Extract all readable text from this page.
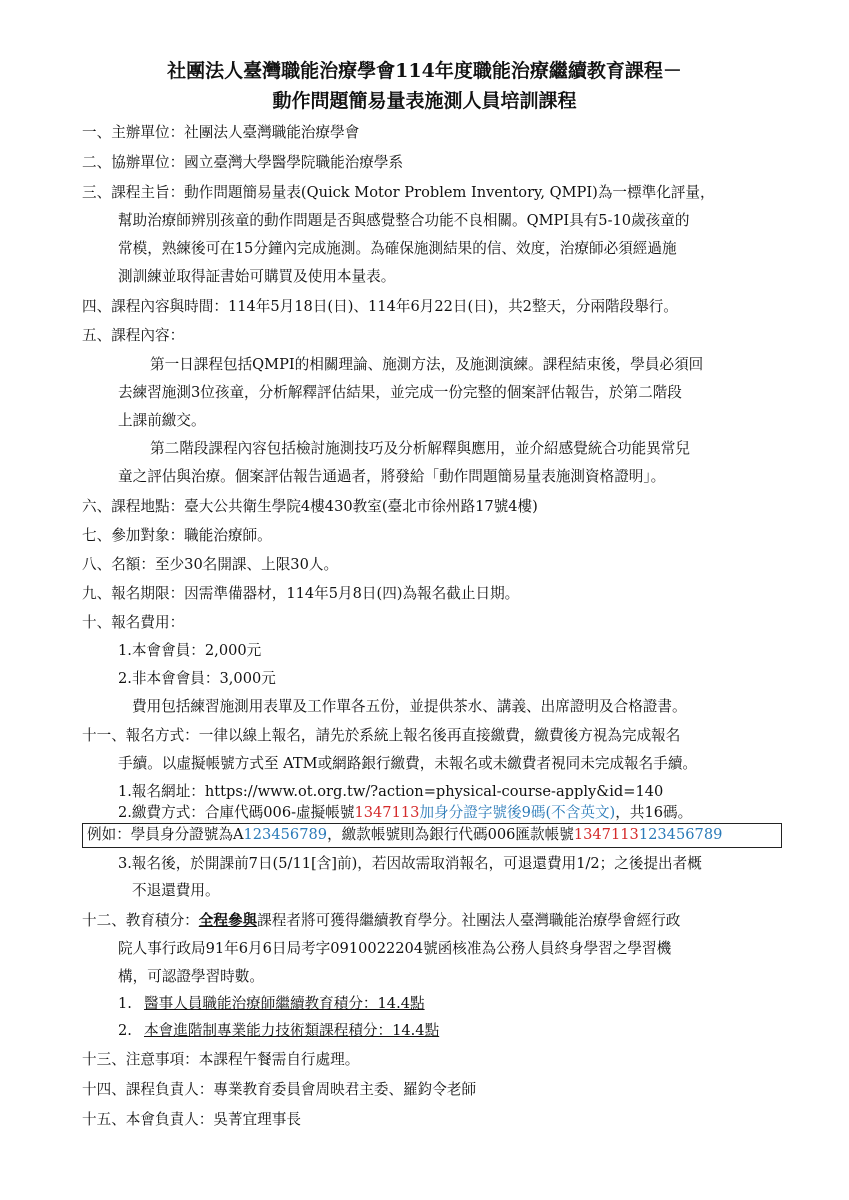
社團法人臺灣職能治療學會114年度職能治療繼續教育課程－
動作問題簡易量表施測人員培訓課程
一、主辦單位：社團法人臺灣職能治療學會
二、協辦單位：國立臺灣大學醫學院職能治療學系
三、課程主旨：動作問題簡易量表(Quick Motor Problem Inventory, QMPI)為一標準化評量，
幫助治療師辨別孩童的動作問題是否與感覺整合功能不良相關。QMPI具有5-10歲孩童的
常模，熟練後可在15分鐘內完成施測。為確保施測結果的信、效度，治療師必須經過施
測訓練並取得証書始可購買及使用本量表。
四、課程內容與時間：114年5月18日(日)、114年6月22日(日)，共2整天，分兩階段舉行。
五、課程內容：
第一日課程包括QMPI的相關理論、施測方法，及施測演練。課程結束後，學員必須回
去練習施測3位孩童，分析解釋評估結果，並完成一份完整的個案評估報告，於第二階段
上課前繳交。
第二階段課程內容包括檢討施測技巧及分析解釋與應用，並介紹感覺統合功能異常兒
童之評估與治療。個案評估報告通過者，將發給「動作問題簡易量表施測資格證明」。
六、課程地點：臺大公共衛生學院4樓430教室(臺北市徐州路17號4樓)
七、參加對象：職能治療師。
八、名額：至少30名開課、上限30人。
九、報名期限：因需準備器材，114年5月8日(四)為報名截止日期。
十、報名費用：
1.本會會員：2,000元
2.非本會會員：3,000元
費用包括練習施測用表單及工作單各五份，並提供茶水、講義、出席證明及合格證書。
十一、報名方式：一律以線上報名，請先於系統上報名後再直接繳費，繳費後方視為完成報名
手續。以虛擬帳號方式至 ATM或網路銀行繳費，未報名或未繳費者視同未完成報名手續。
1.報名網址：https://www.ot.org.tw/?action=physical-course-apply&id=140
2.繳費方式：合庫代碼006-虛擬帳號1347113加身分證字號後9碼(不含英文)，共16碼。
例如：學員身分證號為A123456789，繳款帳號則為銀行代碼006匯款帳號1347113123456789
3.報名後，於開課前7日(5/11[含]前)，若因故需取消報名，可退還費用1/2；之後提出者概
不退還費用。
十二、教育積分：全程參與課程者將可獲得繼續教育學分。社團法人臺灣職能治療學會經行政
院人事行政局91年6月6日局考字0910022204號函核准為公務人員終身學習之學習機
構，可認證學習時數。
1. 醫事人員職能治療師繼續教育積分：14.4點
2. 本會進階制專業能力技術類課程積分：14.4點
十三、注意事項：本課程午餐需自行處理。
十四、課程負責人：專業教育委員會周映君主委、羅鈞令老師
十五、本會負責人：吳菁宜理事長
